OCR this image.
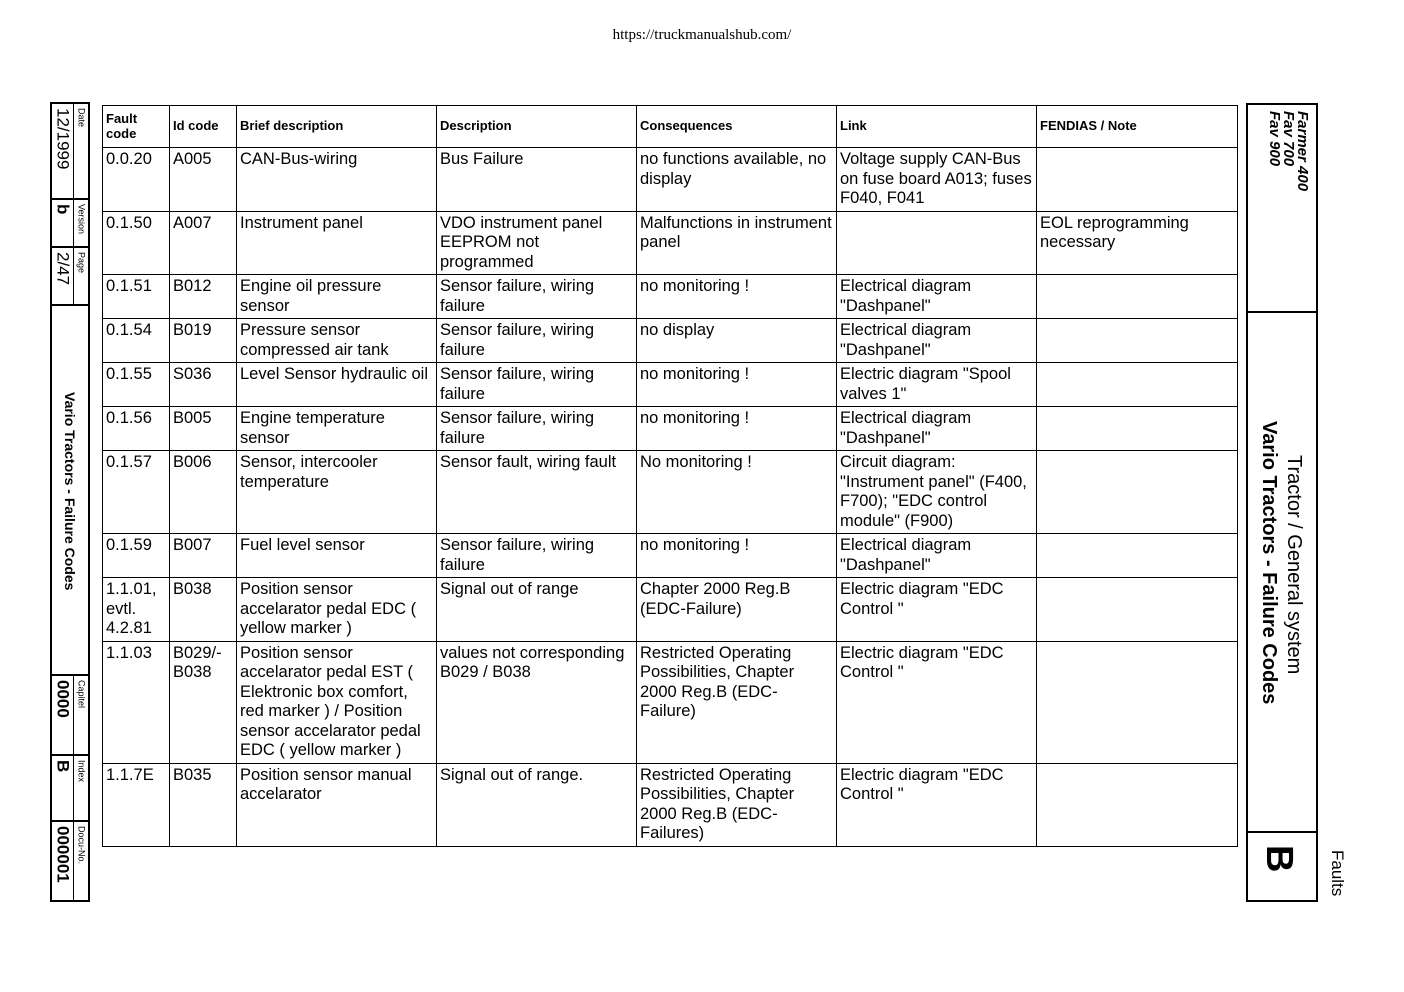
https://truckmanualshub.com/
12/1999 Date
b Version
2/47 Page
Vario Tractors - Failure Codes
0000 Capitel
B Index
000001 Docu-No.
Fault code	Id code	Brief description	Description	Consequences	Link	FENDIAS / Note
0.0.20	A005	CAN-Bus-wiring	Bus Failure	no functions available, no display	Voltage supply CAN-Bus on fuse board A013; fuses F040, F041	
0.1.50	A007	Instrument panel	VDO instrument panel EEPROM not programmed	Malfunctions in instrument panel		EOL reprogramming necessary
0.1.51	B012	Engine oil pressure sensor	Sensor failure, wiring failure	no monitoring !	Electrical diagram "Dashpanel"	
0.1.54	B019	Pressure sensor compressed air tank	Sensor failure, wiring failure	no display	Electrical diagram "Dashpanel"	
0.1.55	S036	Level Sensor hydraulic oil	Sensor failure, wiring failure	no monitoring !	Electric diagram "Spool valves 1"	
0.1.56	B005	Engine temperature sensor	Sensor failure, wiring failure	no monitoring !	Electrical diagram "Dashpanel"	
0.1.57	B006	Sensor, intercooler temperature	Sensor fault, wiring fault	No monitoring !	Circuit diagram: "Instrument panel" (F400, F700); "EDC control module" (F900)	
0.1.59	B007	Fuel level sensor	Sensor failure, wiring failure	no monitoring !	Electrical diagram "Dashpanel"	
1.1.01, evtl. 4.2.81	B038	Position sensor accelarator pedal EDC ( yellow marker )	Signal out of range	Chapter 2000 Reg.B (EDC-Failure)	Electric diagram "EDC Control "	
1.1.03	B029/-B038	Position sensor accelarator pedal EST ( Elektronic box comfort, red marker ) / Position sensor accelarator pedal EDC ( yellow marker )	values not corresponding B029 / B038	Restricted Operating Possibilities, Chapter 2000 Reg.B (EDC-Failure)	Electric diagram "EDC Control "	
1.1.7E	B035	Position sensor manual accelarator	Signal out of range.	Restricted Operating Possibilities, Chapter 2000 Reg.B (EDC-Failures)	Electric diagram "EDC Control "	
Farmer 400
Fav 700
Fav 900
Tractor / General system
Vario Tractors - Failure Codes
B Faults
